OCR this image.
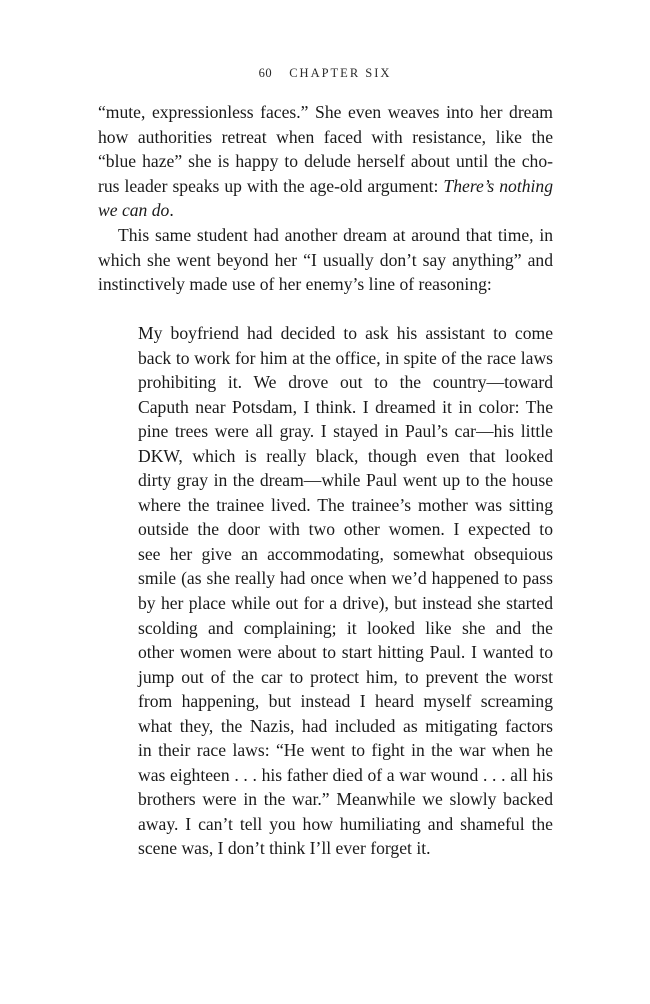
60 CHAPTER SIX
“mute, expressionless faces.” She even weaves into her dream
how authorities retreat when faced with resistance, like the
“blue haze” she is happy to delude herself about until the cho-
rus leader speaks up with the age-old argument: There’s nothing
we can do.
This same student had another dream at around that time, in
which she went beyond her “I usually don’t say anything” and
instinctively made use of her enemy’s line of reasoning:
My boyfriend had decided to ask his assistant to come
back to work for him at the office, in spite of the race laws
prohibiting it. We drove out to the country—toward
Caputh near Potsdam, I think. I dreamed it in color: The
pine trees were all gray. I stayed in Paul’s car—his little
DKW, which is really black, though even that looked
dirty gray in the dream—while Paul went up to the house
where the trainee lived. The trainee’s mother was sitting
outside the door with two other women. I expected to
see her give an accommodating, somewhat obsequious
smile (as she really had once when we’d happened to pass
by her place while out for a drive), but instead she started
scolding and complaining; it looked like she and the
other women were about to start hitting Paul. I wanted to
jump out of the car to protect him, to prevent the worst
from happening, but instead I heard myself screaming
what they, the Nazis, had included as mitigating factors
in their race laws: “He went to fight in the war when he
was eighteen . . . his father died of a war wound . . . all his
brothers were in the war.” Meanwhile we slowly backed
away. I can’t tell you how humiliating and shameful the
scene was, I don’t think I’ll ever forget it.
